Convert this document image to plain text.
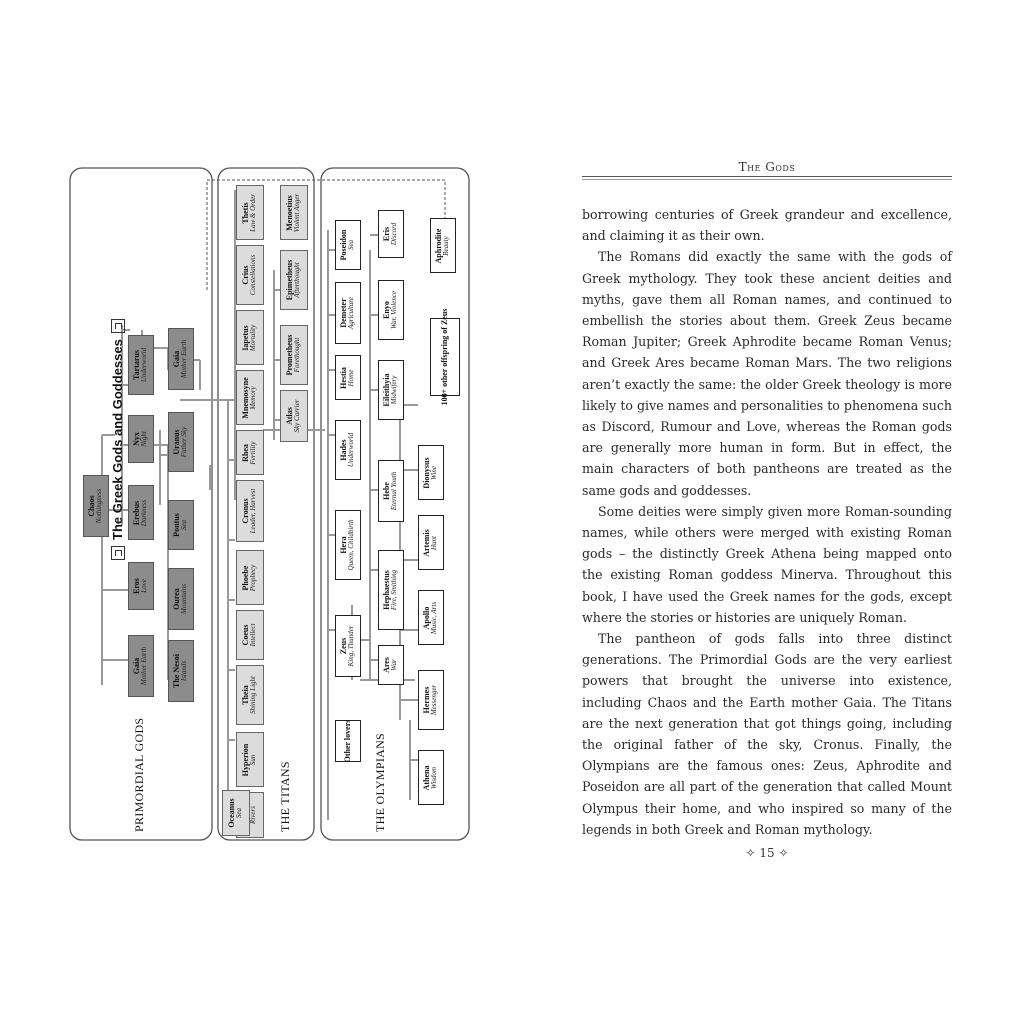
The Greek Gods and Goddesses
PRIMORDIAL GODS	THE TITANS	THE OLYMPIANS
Chaos Nothingness
Tartarus Underworld
Nyx Night
Erebus Darkness
Eros Love
Gaia Mother Earth
Gaia Mother Earth
Uranus Father Sky
Pontus Sea
Ourea Mountains
The Nesoi Islands
Thetis Law & Order
Crius Constellations
Iapetus Mortality
Mnemosyne Memory
Rhea Fertility
Cronus Leader, Harvest
Phoebe Prophecy
Coeus Intellect
Theia Shining Light
Hyperion Sun
Rivers
Menoetius Violent Anger
Epimetheus Afterthought
Prometheus Forethought
Atlas Sky Carrier
Poseidon Sea
Demeter Agriculture
Hestia Home
Hades Underworld
Hera Queen, Childbirth
Zeus King, Thunder
Other lovers
Eris Discord
Enyo War, Violence
Eileithyia Midwifery
Hebe Eternal Youth
Hephaestus Fire, Smithing
Ares War
Aphrodite Beauty
100+ other offspring of Zeus
Dionysus Wine
Artemis Hunt
Apollo Music, Arts
Hermes Messenger
Athena Wisdom
Oceanus Sea
The Gods

borrowing centuries of Greek grandeur and excellence, and claiming it as their own.

The Romans did exactly the same with the gods of Greek mythology. They took these ancient deities and myths, gave them all Roman names, and continued to embellish the stories about them. Greek Zeus became Roman Jupiter; Greek Aphrodite became Roman Venus; and Greek Ares became Roman Mars. The two religions aren’t exactly the same: the older Greek theology is more likely to give names and personalities to phenomena such as Discord, Rumour and Love, whereas the Roman gods are generally more human in form. But in effect, the main characters of both pantheons are treated as the same gods and goddesses.

Some deities were simply given more Roman-sounding names, while others were merged with existing Roman gods – the distinctly Greek Athena being mapped onto the existing Roman goddess Minerva. Throughout this book, I have used the Greek names for the gods, except where the stories or histories are uniquely Roman.

The pantheon of gods falls into three distinct generations. The Primordial Gods are the very earliest powers that brought the universe into existence, including Chaos and the Earth mother Gaia. The Titans are the next generation that got things going, including the original father of the sky, Cronus. Finally, the Olympians are the famous ones: Zeus, Aphrodite and Poseidon are all part of the generation that called Mount Olympus their home, and who inspired so many of the legends in both Greek and Roman mythology.

✧ 15 ✧
